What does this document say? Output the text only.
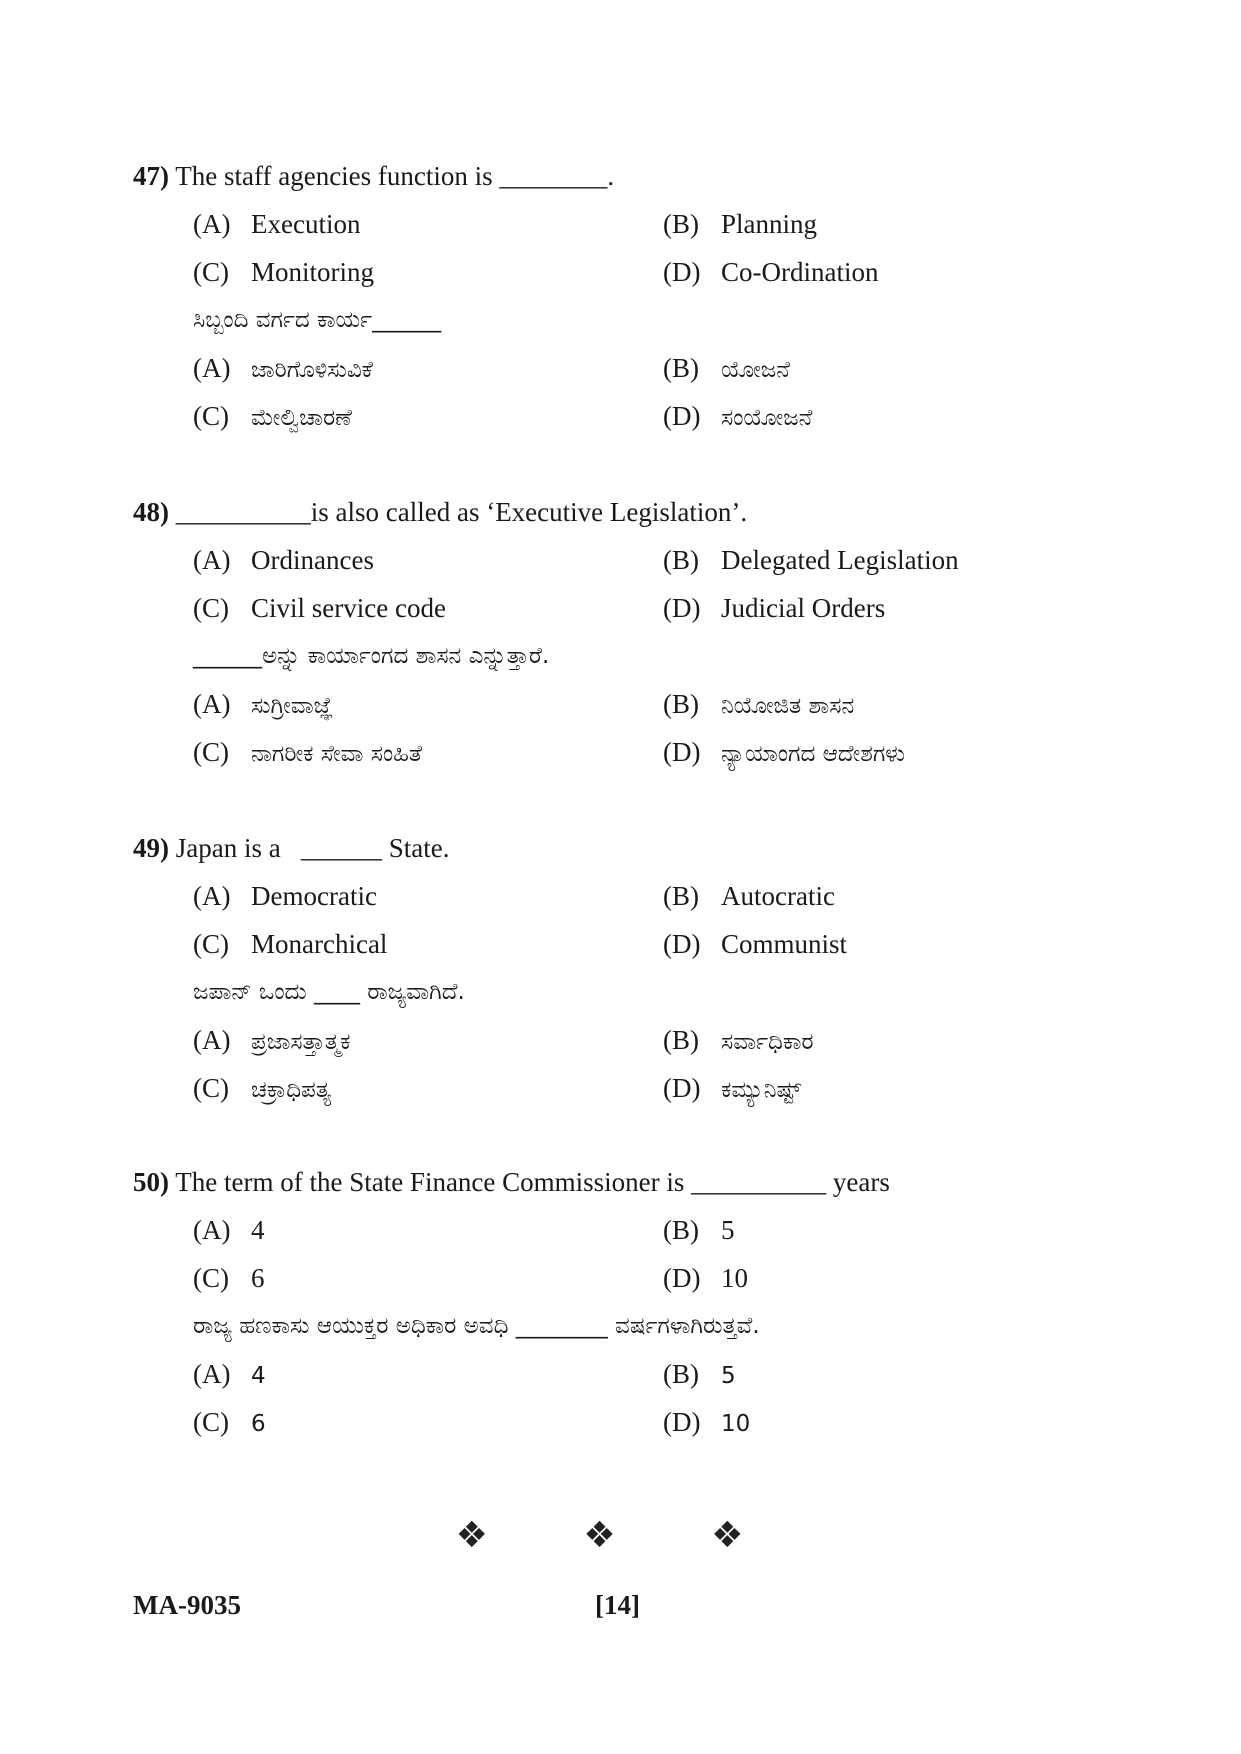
47) The staff agencies function is ________.
(A) Execution	(B) Planning
(C) Monitoring	(D) Co-Ordination
ಸಿಬ್ಬಂದಿ ವರ್ಗದ ಕಾರ್ಯ______
(A) ಜಾರಿಗೊಳಿಸುವಿಕೆ	(B) ಯೋಜನೆ
(C) ಮೇಲ್ವಿಚಾರಣೆ	(D) ಸಂಯೋಜನೆ
48) __________is also called as ‘Executive Legislation’.
(A) Ordinances	(B) Delegated Legislation
(C) Civil service code	(D) Judicial Orders
______ಅನ್ನು ಕಾರ್ಯಾಂಗದ ಶಾಸನ ಎನ್ನುತ್ತಾರೆ.
(A) ಸುಗ್ರೀವಾಜ್ಞೆ	(B) ನಿಯೋಜಿತ ಶಾಸನ
(C) ನಾಗರೀಕ ಸೇವಾ ಸಂಹಿತೆ	(D) ನ್ಯಾಯಾಂಗದ ಆದೇಶಗಳು
49) Japan is a   ______ State.
(A) Democratic	(B) Autocratic
(C) Monarchical	(D) Communist
ಜಪಾನ್ ಒಂದು ____ ರಾಜ್ಯವಾಗಿದೆ.
(A) ಪ್ರಜಾಸತ್ತಾತ್ಮಕ	(B) ಸರ್ವಾಧಿಕಾರ
(C) ಚಕ್ರಾಧಿಪತ್ಯ	(D) ಕಮ್ಯುನಿಷ್ಟ್
50) The term of the State Finance Commissioner is __________ years
(A) 4	(B) 5
(C) 6	(D) 10
ರಾಜ್ಯ ಹಣಕಾಸು ಆಯುಕ್ತರ ಅಧಿಕಾರ ಅವಧಿ ________ ವರ್ಷಗಳಾಗಿರುತ್ತವೆ.
(A) 4	(B) 5
(C) 6	(D) 10
❖ ❖ ❖
MA-9035	[14]
